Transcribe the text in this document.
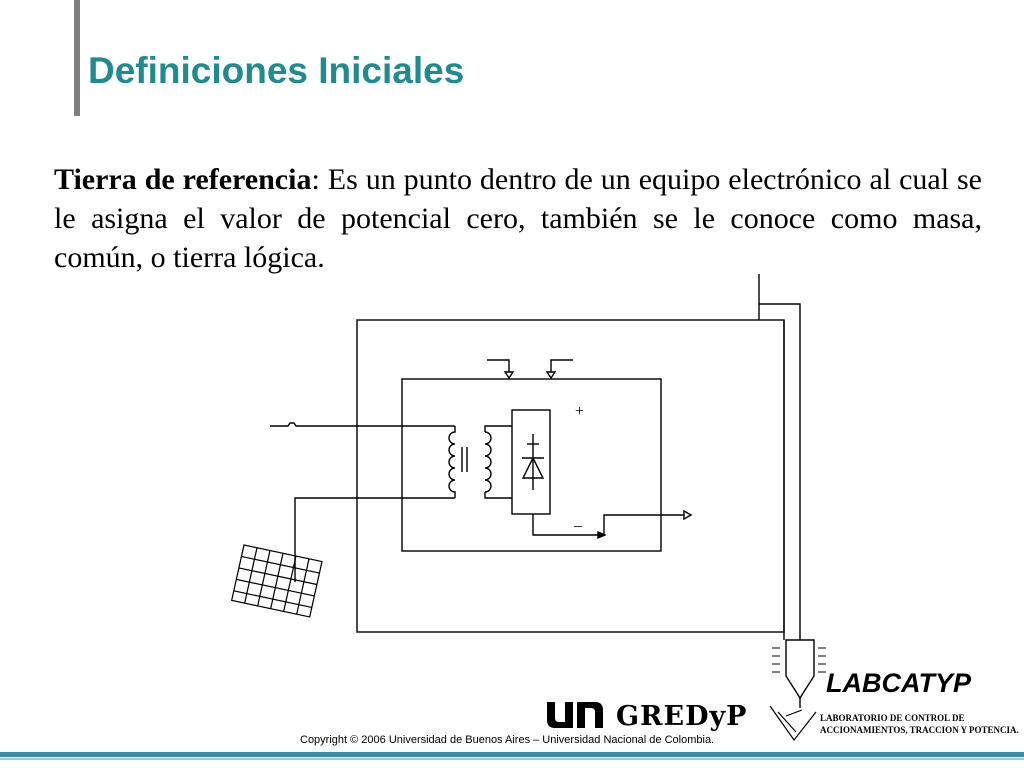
Definiciones Iniciales

Tierra de referencia: Es un punto dentro de un equipo electrónico al cual se le asigna el valor de potencial cero, también se le conoce como masa, común, o tierra lógica.

+
_

GREDyP

Copyright © 2006 Universidad de Buenos Aires – Universidad Nacional de Colombia.

LABCATYP

LABORATORIO DE CONTROL DE
ACCIONAMIENTOS, TRACCION Y POTENCIA.
